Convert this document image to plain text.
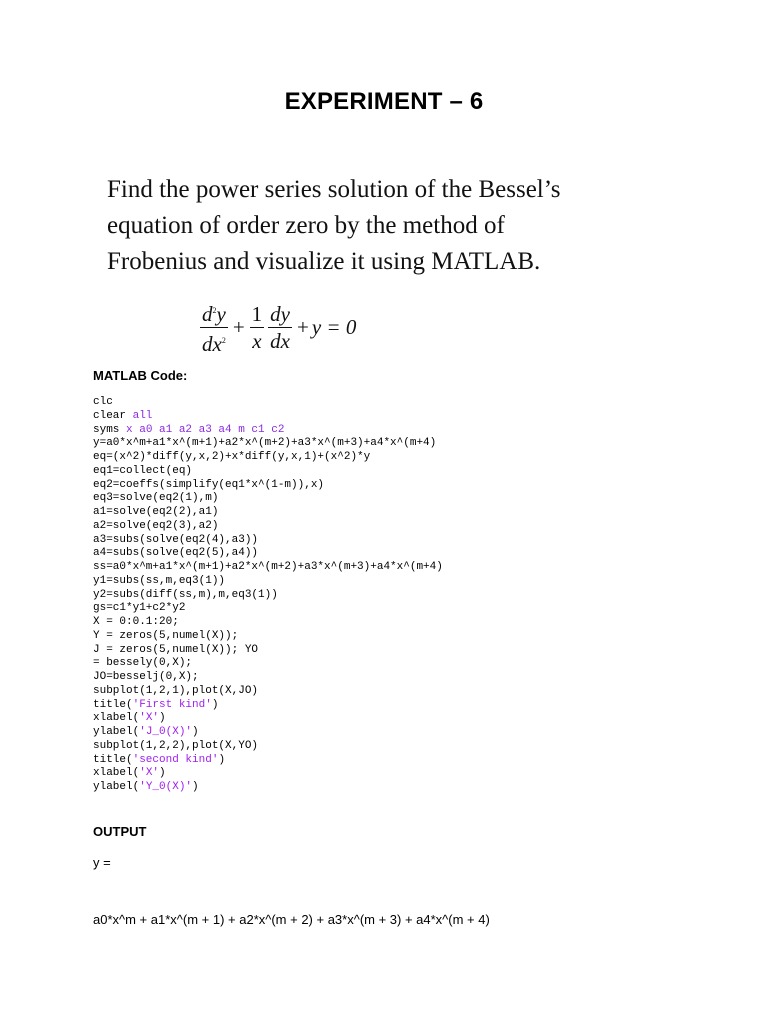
EXPERIMENT – 6
Find the power series solution of the Bessel’s
equation of order zero by the method of
Frobenius and visualize it using MATLAB.
$\frac{d^2y}{dx^2} + \frac{1}{x} \frac{dy}{dx} + y = 0$
MATLAB Code:
clc
clear all
syms x a0 a1 a2 a3 a4 m c1 c2
y=a0*x^m+a1*x^(m+1)+a2*x^(m+2)+a3*x^(m+3)+a4*x^(m+4)
eq=(x^2)*diff(y,x,2)+x*diff(y,x,1)+(x^2)*y
eq1=collect(eq)
eq2=coeffs(simplify(eq1*x^(1-m)),x)
eq3=solve(eq2(1),m)
a1=solve(eq2(2),a1)
a2=solve(eq2(3),a2)
a3=subs(solve(eq2(4),a3))
a4=subs(solve(eq2(5),a4))
ss=a0*x^m+a1*x^(m+1)+a2*x^(m+2)+a3*x^(m+3)+a4*x^(m+4)
y1=subs(ss,m,eq3(1))
y2=subs(diff(ss,m),m,eq3(1))
gs=c1*y1+c2*y2
X = 0:0.1:20;
Y = zeros(5,numel(X));
J = zeros(5,numel(X)); YO
= bessely(0,X);
JO=besselj(0,X);
subplot(1,2,1),plot(X,JO)
title('First kind')
xlabel('X')
ylabel('J_0(X)')
subplot(1,2,2),plot(X,YO)
title('second kind')
xlabel('X')
ylabel('Y_0(X)')
OUTPUT
y =
a0*x^m + a1*x^(m + 1) + a2*x^(m + 2) + a3*x^(m + 3) + a4*x^(m + 4)
